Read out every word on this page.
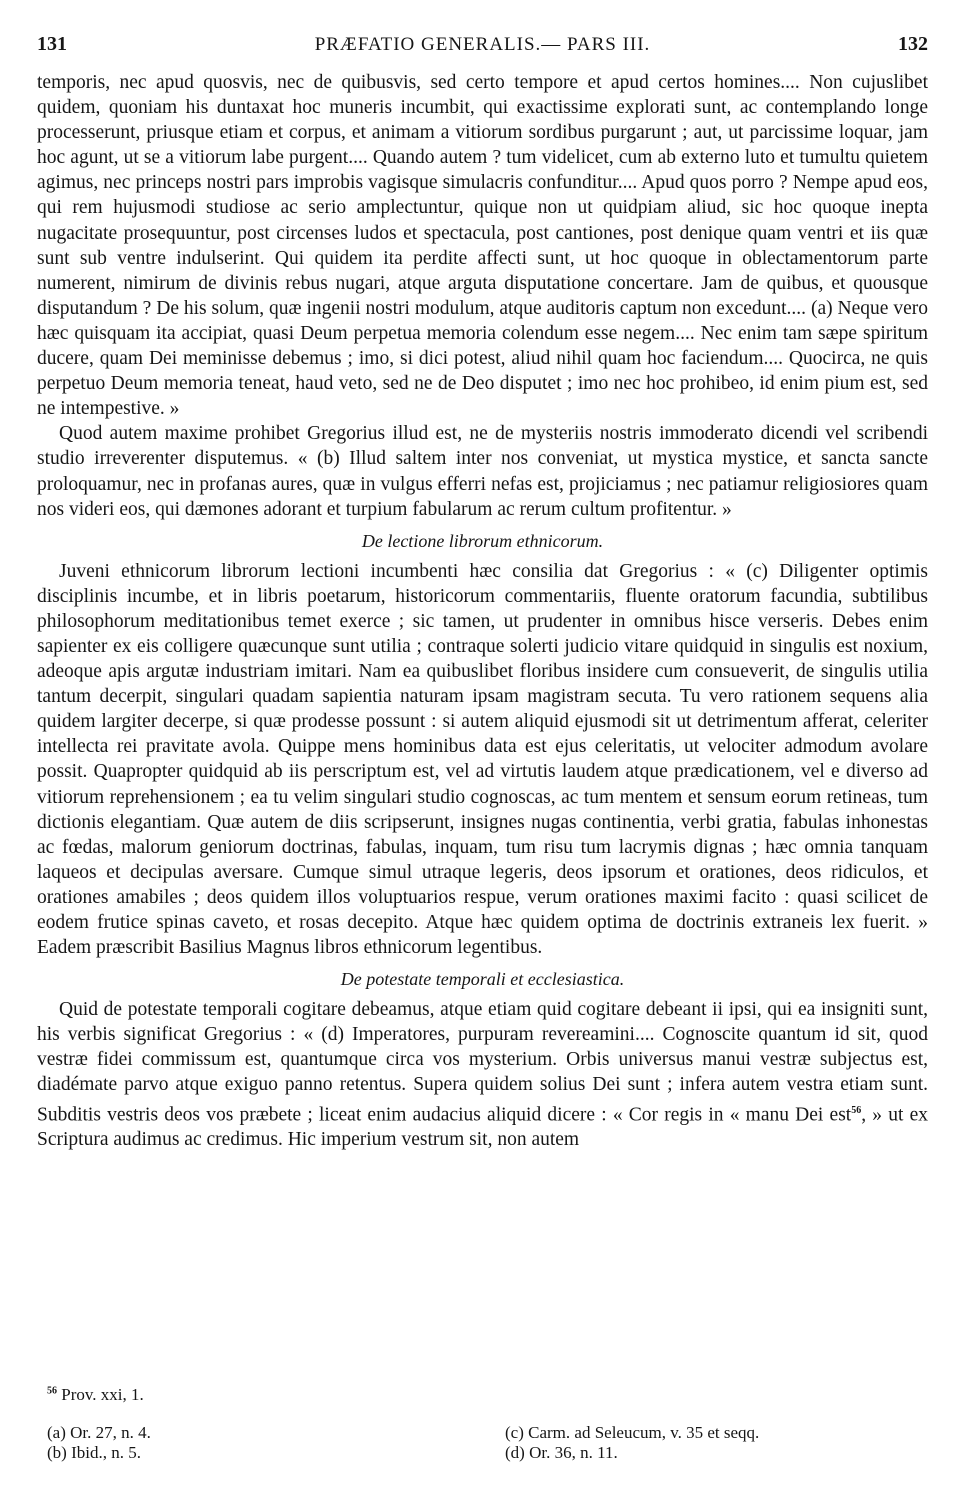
131	PRÆFATIO GENERALIS.— PARS III.	132

temporis, nec apud quosvis, nec de quibusvis, sed certo tempore et apud certos homines.... Non cujuslibet quidem, quoniam his duntaxat hoc muneris incumbit, qui exactissime explorati sunt, ac contemplando longe processerunt, priusque etiam et corpus, et animam a vitiorum sordibus purgarunt ; aut, ut parcissime loquar, jam hoc agunt, ut se a vitiorum labe purgent.... Quando autem ? tum videlicet, cum ab externo luto et tumultu quietem agimus, nec princeps nostri pars improbis vagisque simulacris confunditur.... Apud quos porro ? Nempe apud eos, qui rem hujusmodi studiose ac serio amplectuntur, quique non ut quidpiam aliud, sic hoc quoque inepta nugacitate prosequuntur, post circenses ludos et spectacula, post cantiones, post denique quam ventri et iis quæ sunt sub ventre indulserint. Qui quidem ita perdite affecti sunt, ut hoc quoque in oblectamentorum parte numerent, nimirum de divinis rebus nugari, atque arguta disputatione concertare. Jam de quibus, et quousque disputandum ? De his solum, quæ ingenii nostri modulum, atque auditoris captum non excedunt.... (a) Neque vero hæc quisquam ita accipiat, quasi Deum perpetua memoria colendum esse negem.... Nec enim tam sæpe spiritum ducere, quam Dei meminisse debemus ; imo, si dici potest, aliud nihil quam hoc faciendum.... Quocirca, ne quis perpetuo Deum memoria teneat, haud veto, sed ne de Deo disputet ; imo nec hoc prohibeo, id enim pium est, sed ne intempestive. »

Quod autem maxime prohibet Gregorius illud est, ne de mysteriis nostris immoderato dicendi vel scribendi studio irreverenter disputemus. « (b) Illud saltem inter nos conveniat, ut mystica mystice, et sancta sancte proloquamur, nec in profanas aures, quæ in vulgus efferri nefas est, projiciamus ; nec patiamur religiosiores quam nos videri eos, qui dæmones adorant et turpium fabularum ac rerum cultum profitentur. »

De lectione librorum ethnicorum.

Juveni ethnicorum librorum lectioni incumbenti hæc consilia dat Gregorius : « (c) Diligenter optimis disciplinis incumbe, et in libris poetarum, historicorum commentariis, fluente oratorum facundia, subtilibus philosophorum meditationibus temet exerce ; sic tamen, ut prudenter in omnibus hisce verseris. Debes enim sapienter ex eis colligere quæcunque sunt utilia ; contraque solerti judicio vitare quidquid in singulis est noxium, adeoque apis argutæ industriam imitari. Nam ea quibuslibet floribus insidere cum consueverit, de singulis utilia tantum decerpit, singulari quadam sapientia naturam ipsam magistram secuta. Tu vero rationem sequens alia quidem largiter decerpe, si quæ prodesse possunt : si autem aliquid ejusmodi sit ut detrimentum afferat, celeriter intellecta rei pravitate avola. Quippe mens hominibus data est ejus celeritatis, ut velociter admodum avolare possit. Quapropter quidquid ab iis perscriptum est, vel ad virtutis laudem atque prædicationem, vel e diverso ad vitiorum reprehensionem ; ea tu velim singulari studio cognoscas, ac tum mentem et sensum eorum retineas, tum dictionis elegantiam. Quæ autem de diis scripserunt, insignes nugas continentia, verbi gratia, fabulas inhonestas ac fœdas, malorum geniorum doctrinas, fabulas, inquam, tum risu tum lacrymis dignas ; hæc omnia tanquam laqueos et decipulas aversare. Cumque simul utraque legeris, deos ipsorum et orationes, deos ridiculos, et orationes amabiles ; deos quidem illos voluptuarios respue, verum orationes maximi facito : quasi scilicet de eodem frutice spinas caveto, et rosas decepito. Atque hæc quidem optima de doctrinis extraneis lex fuerit. » Eadem præscribit Basilius Magnus libros ethnicorum legentibus.

De potestate temporali et ecclesiastica.

Quid de potestate temporali cogitare debeamus, atque etiam quid cogitare debeant ii ipsi, qui ea insigniti sunt, his verbis significat Gregorius : « (d) Imperatores, purpuram revereamini.... Cognoscite quantum id sit, quod vestræ fidei commissum est, quantumque circa vos mysterium. Orbis universus manui vestræ subjectus est, diadémate parvo atque exiguo panno retentus. Supera quidem solius Dei sunt ; infera autem vestra etiam sunt. Subditis vestris deos vos præbete ; liceat enim audacius aliquid dicere : « Cor regis in « manu Dei est$^{56}$, » ut ex Scriptura audimus ac credimus. Hic imperium vestrum sit, non autem

$^{56}$ Prov. xxi, 1.
(a) Or. 27, n. 4.
(b) Ibid., n. 5.
(c) Carm. ad Seleucum, v. 35 et seqq.
(d) Or. 36, n. 11.
